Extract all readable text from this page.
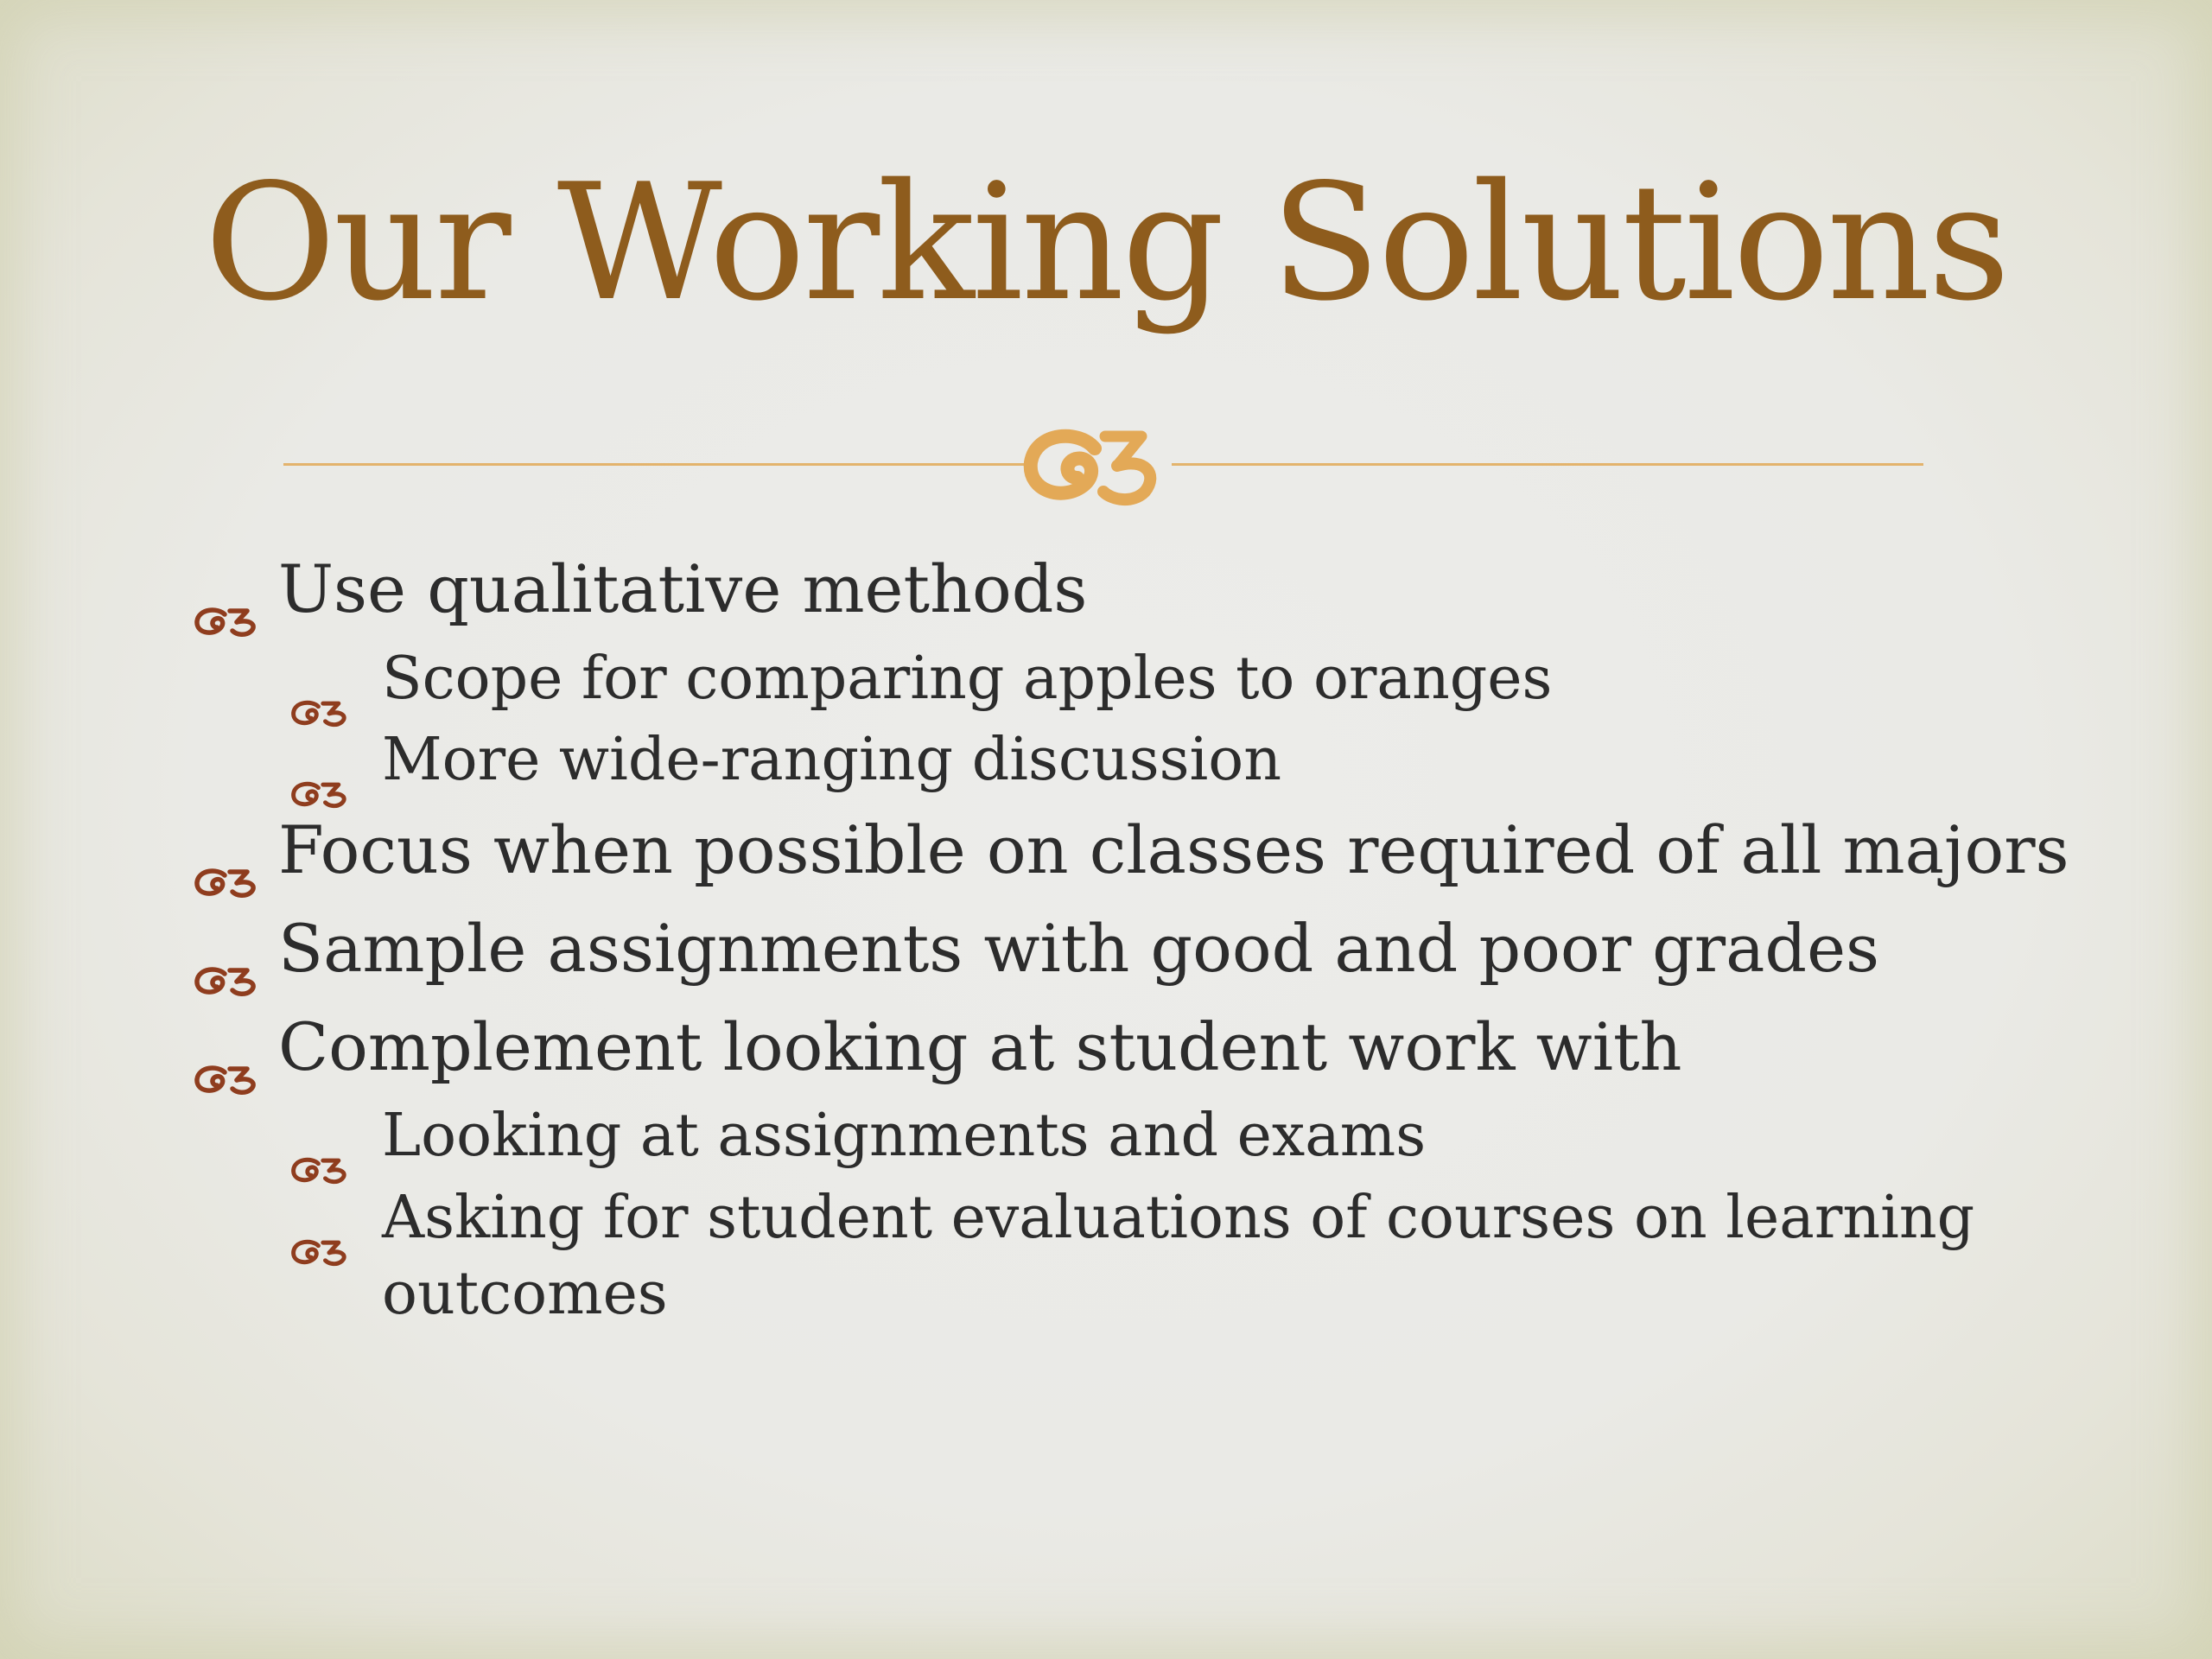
Our Working Solutions
Use qualitative methods
Scope for comparing apples to oranges
More wide-ranging discussion
Focus when possible on classes required of all majors
Sample assignments with good and poor grades
Complement looking at student work with
Looking at assignments and exams
Asking for student evaluations of courses on learning outcomes
